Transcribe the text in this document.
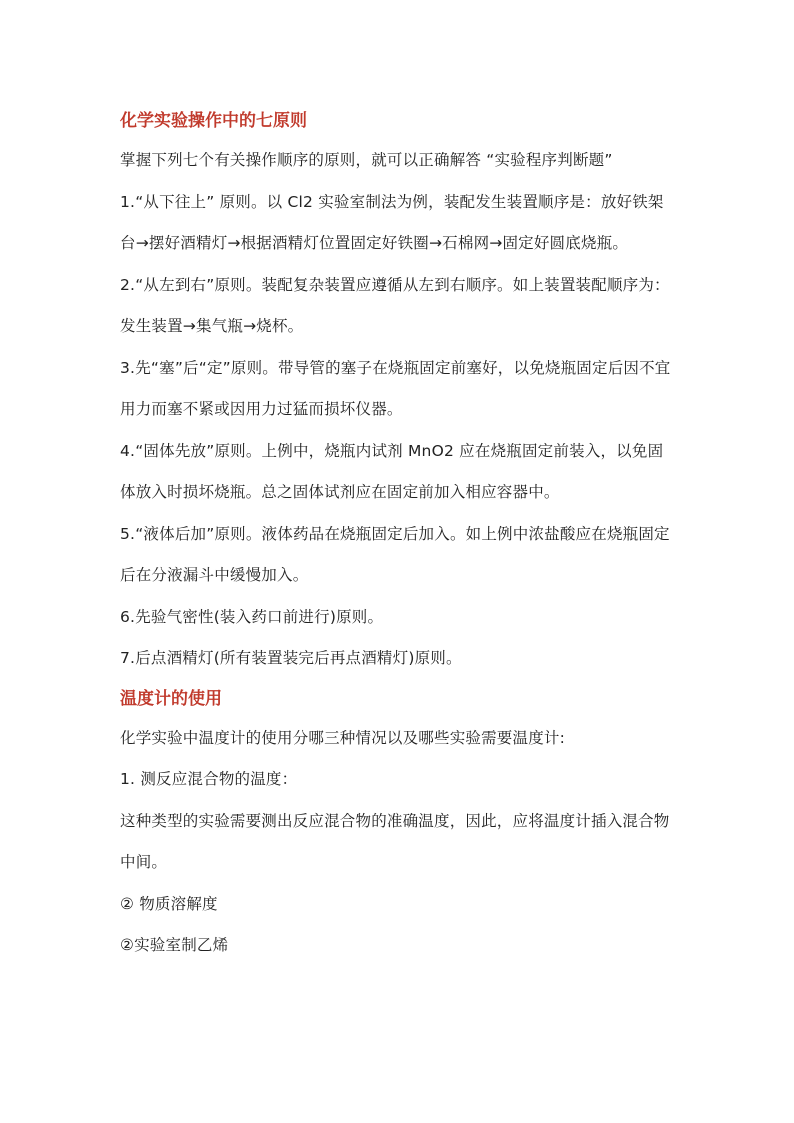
化学实验操作中的七原则

掌握下列七个有关操作顺序的原则，就可以正确解答 “实验程序判断题”

1.“从下往上” 原则。以 Cl2 实验室制法为例，装配发生装置顺序是：放好铁架台→摆好酒精灯→根据酒精灯位置固定好铁圈→石棉网→固定好圆底烧瓶。

2.“从左到右”原则。装配复杂装置应遵循从左到右顺序。如上装置装配顺序为：发生装置→集气瓶→烧杯。

3.先“塞”后“定”原则。带导管的塞子在烧瓶固定前塞好，以免烧瓶固定后因不宜用力而塞不紧或因用力过猛而损坏仪器。

4.“固体先放”原则。上例中，烧瓶内试剂 MnO2 应在烧瓶固定前装入，以免固体放入时损坏烧瓶。总之固体试剂应在固定前加入相应容器中。

5.“液体后加”原则。液体药品在烧瓶固定后加入。如上例中浓盐酸应在烧瓶固定后在分液漏斗中缓慢加入。

6.先验气密性(装入药口前进行)原则。

7.后点酒精灯(所有装置装完后再点酒精灯)原则。

温度计的使用

化学实验中温度计的使用分哪三种情况以及哪些实验需要温度计:

1. 测反应混合物的温度：

这种类型的实验需要测出反应混合物的准确温度，因此，应将温度计插入混合物中间。

② 物质溶解度

②实验室制乙烯
